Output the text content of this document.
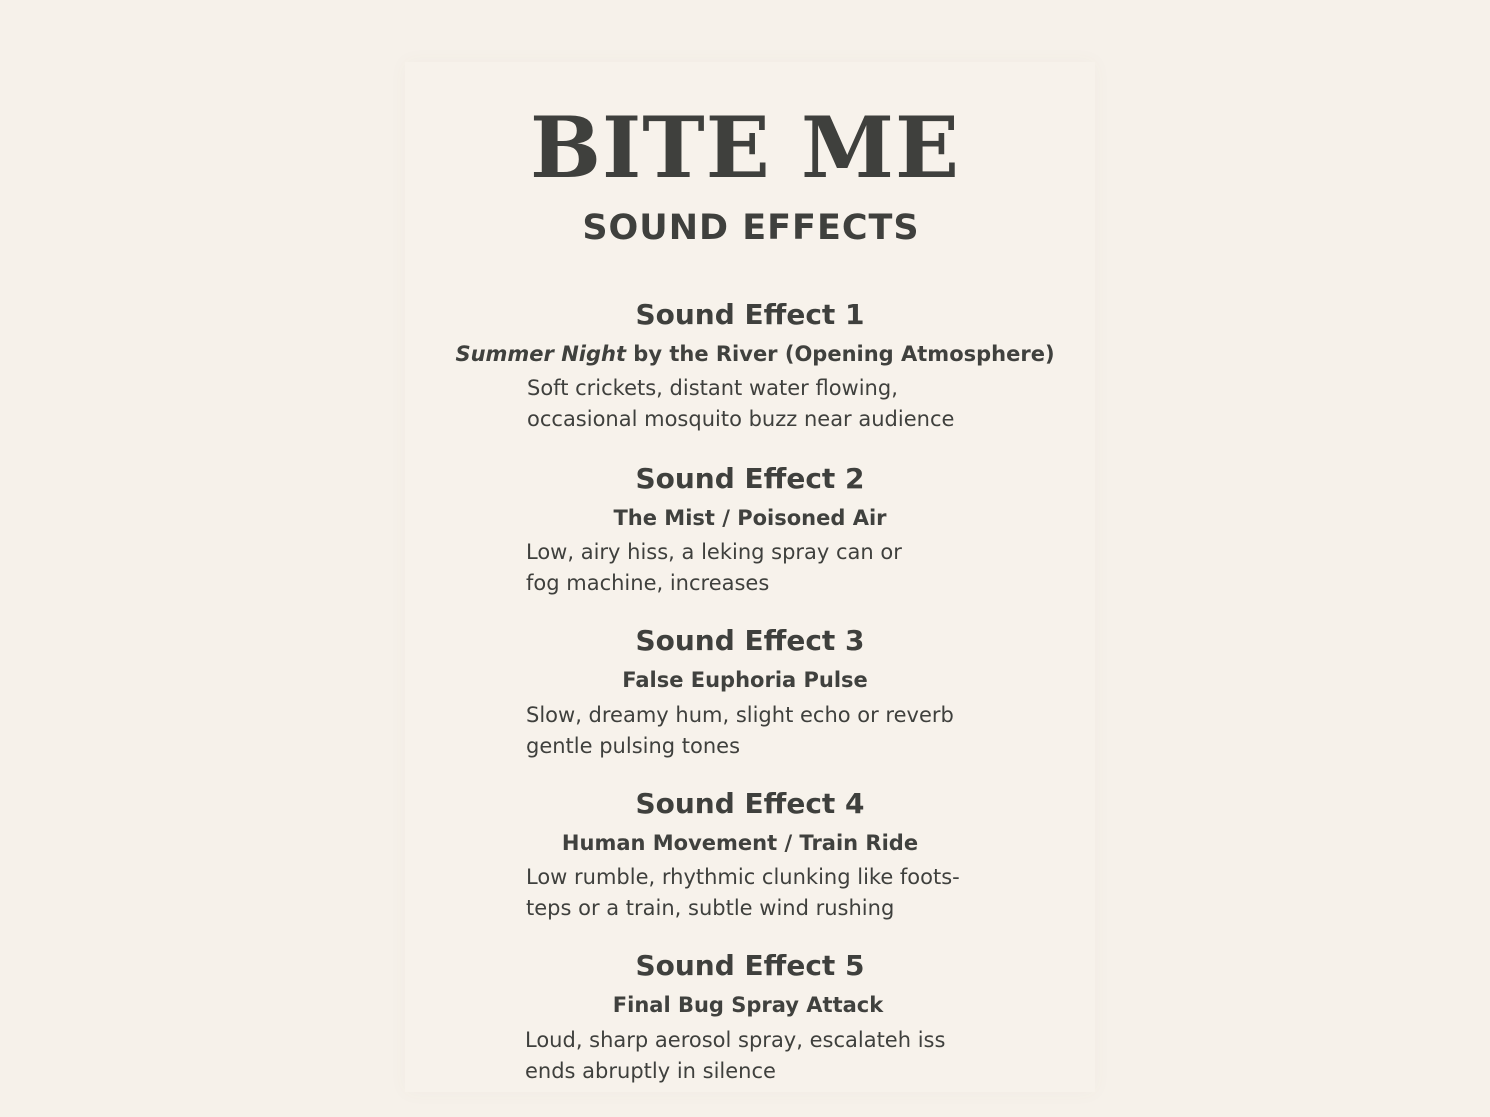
BITE ME
SOUND EFFECTS
Sound Effect 1
Summer Night by the River (Opening Atmosphere)
Soft crickets, distant water flowing,
occasional mosquito buzz near audience
Sound Effect 2
The Mist / Poisoned Air
Low, airy hiss, a leking spray can or
fog machine, increases
Sound Effect 3
False Euphoria Pulse
Slow, dreamy hum, slight echo or reverb
gentle pulsing tones
Sound Effect 4
Human Movement / Train Ride
Low rumble, rhythmic clunking like foots-
teps or a train, subtle wind rushing
Sound Effect 5
Final Bug Spray Attack
Loud, sharp aerosol spray, escalateh iss
ends abruptly in silence
